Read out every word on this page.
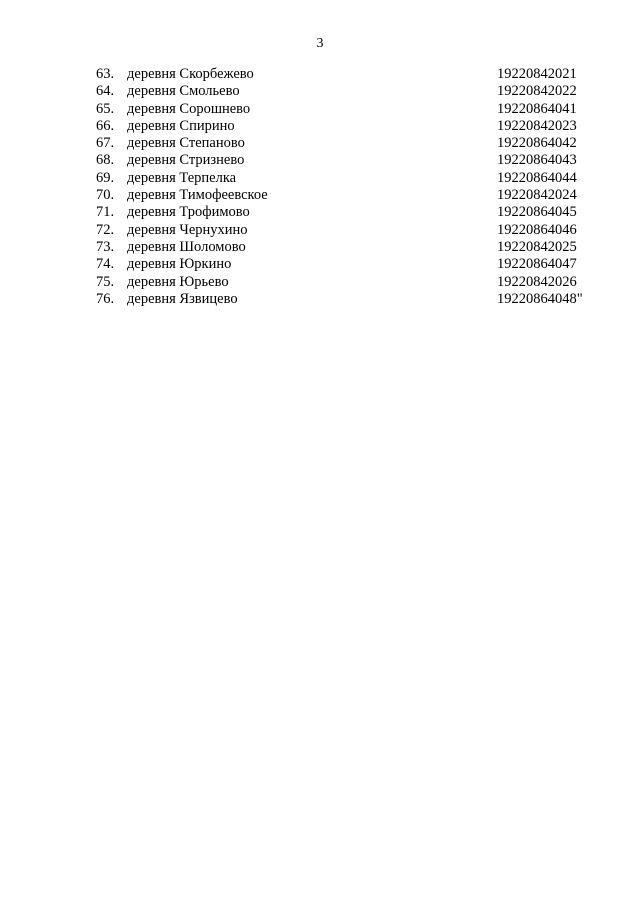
3
63. деревня Скорбежево	19220842021
64. деревня Смольево	19220842022
65. деревня Сорошнево	19220864041
66. деревня Спирино	19220842023
67. деревня Степаново	19220864042
68. деревня Стризнево	19220864043
69. деревня Терпелка	19220864044
70. деревня Тимофеевское	19220842024
71. деревня Трофимово	19220864045
72. деревня Чернухино	19220864046
73. деревня Шоломово	19220842025
74. деревня Юркино	19220864047
75. деревня Юрьево	19220842026
76. деревня Язвицево	19220864048"
